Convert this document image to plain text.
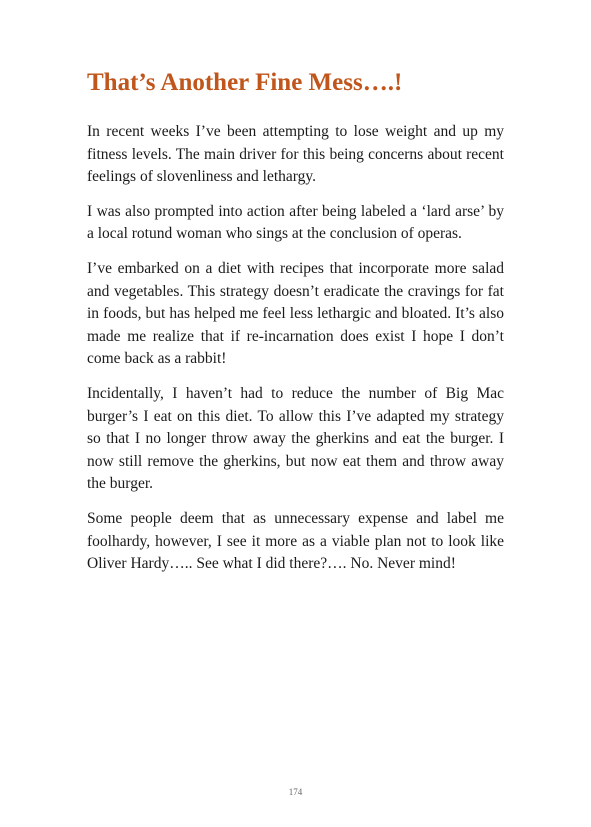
That’s Another Fine Mess….!

In recent weeks I’ve been attempting to lose weight and up my fitness levels. The main driver for this being concerns about recent feelings of slovenliness and lethargy.

I was also prompted into action after being labeled a ‘lard arse’ by a local rotund woman who sings at the conclusion of operas.

I’ve embarked on a diet with recipes that incorporate more salad and vegetables. This strategy doesn’t eradicate the cravings for fat in foods, but has helped me feel less lethargic and bloated. It’s also made me realize that if re-incarnation does exist I hope I don’t come back as a rabbit!

Incidentally, I haven’t had to reduce the number of Big Mac burger’s I eat on this diet. To allow this I’ve adapted my strategy so that I no longer throw away the gherkins and eat the burger. I now still remove the gherkins, but now eat them and throw away the burger.

Some people deem that as unnecessary expense and label me foolhardy, however, I see it more as a viable plan not to look like Oliver Hardy….. See what I did there?…. No. Never mind!

174
